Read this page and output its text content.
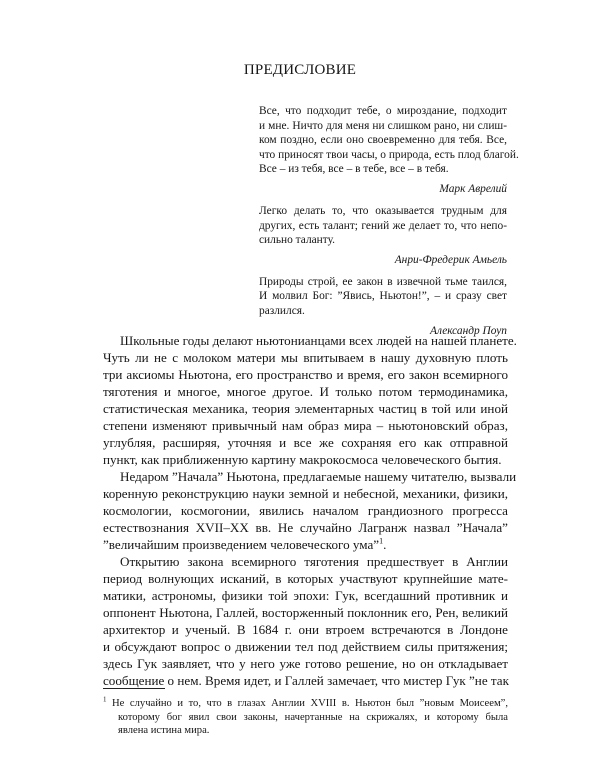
ПРЕДИСЛОВИЕ
Все, что подходит тебе, о мироздание, подходит
и мне. Ничто для меня ни слишком рано, ни слиш-
ком поздно, если оно своевременно для тебя. Все,
что приносят твои часы, о природа, есть плод благой.
Все – из тебя, все – в тебе, все – в тебя.
Марк Аврелий
Легко делать то, что оказывается трудным для
других, есть талант; гений же делает то, что непо-
сильно таланту.
Анри-Фредерик Амьель
Природы строй, ее закон в извечной тьме таился,
И молвил Бог: ”Явись, Ньютон!”, – и сразу свет
разлился.
Александр Поуп
Школьные годы делают ньютонианцами всех людей на нашей планете.
Чуть ли не с молоком матери мы впитываем в нашу духовную плоть
три аксиомы Ньютона, его пространство и время, его закон всемирного
тяготения и многое, многое другое. И только потом термодинамика,
статистическая механика, теория элементарных частиц в той или иной
степени изменяют привычный нам образ мира – ньютоновский образ,
углубляя, расширяя, уточняя и все же сохраняя его как отправной
пункт, как приближенную картину макрокосмоса человеческого бытия.
Недаром ”Начала” Ньютона, предлагаемые нашему читателю, вызвали
коренную реконструкцию науки земной и небесной, механики, физики,
космологии, космогонии, явились началом грандиозного прогресса
естествознания XVII–XX вв. Не случайно Лагранж назвал ”Начала”
”величайшим произведением человеческого ума”$^1$.
Открытию закона всемирного тяготения предшествует в Англии
период волнующих исканий, в которых участвуют крупнейшие мате-
матики, астрономы, физики той эпохи: Гук, всегдашний противник и
оппонент Ньютона, Галлей, восторженный поклонник его, Рен, великий
архитектор и ученый. В 1684 г. они втроем встречаются в Лондоне
и обсуждают вопрос о движении тел под действием силы притяжения;
здесь Гук заявляет, что у него уже готово решение, но он откладывает
сообщение о нем. Время идет, и Галлей замечает, что мистер Гук ”не так
$^1$ Не случайно и то, что в глазах Англии XVIII в. Ньютон был ”новым Моисеем”,
которому бог явил свои законы, начертанные на скрижалях, и которому была
явлена истина мира.
